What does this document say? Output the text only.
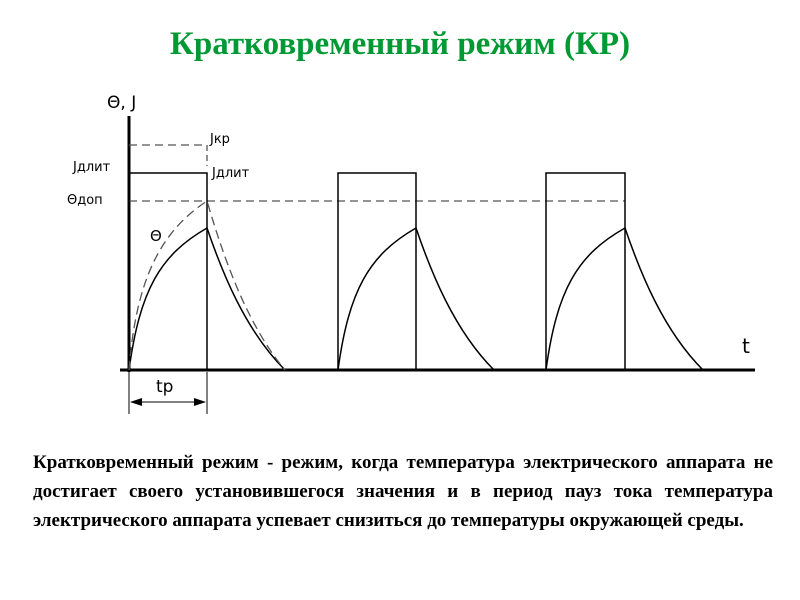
Кратковременный режим (КР)
Θ, J
t
Jкр
Jдлит	Jдлит
Θдоп
Θ
tр

Кратковременный режим - режим, когда температура электрического аппарата не достигает своего установившегося значения и в период пауз тока температура электрического аппарата успевает снизиться до температуры окружающей среды.
